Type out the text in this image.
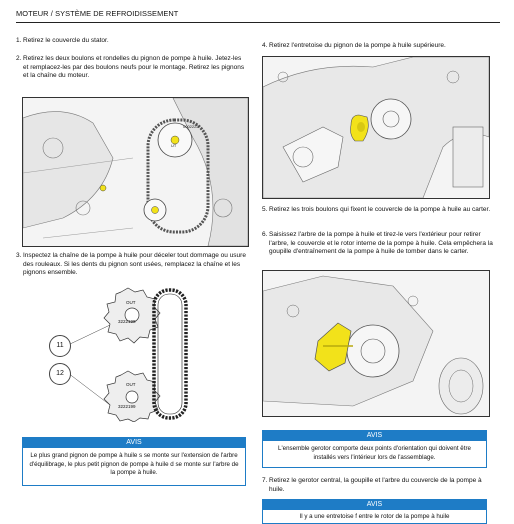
MOTEUR / SYSTÈME DE REFROIDISSEMENT
1. Retirez le couvercle du stator.
2. Retirez les deux boulons et rondelles du pignon de pompe à huile. Jetez-les et remplacez-les par des boulons neufs pour le montage. Retirez les pignons et la chaîne du moteur.
0002222
UT
3. Inspectez la chaîne de la pompe à huile pour déceler tout dommage ou usure des rouleaux. Si les dents du pignon sont usées, remplacez la chaîne et les pignons ensemble.
OUT
3222198
OUT
3222199
11
12
AVIS
Le plus grand pignon de pompe à huile s se monte sur l'extension de l'arbre d'équilibrage, le plus petit pignon de pompe à huile d se monte sur l'arbre de la pompe à huile.
4. Retirez l'entretoise du pignon de la pompe à huile supérieure.
5. Retirez les trois boulons qui fixent le couvercle de la pompe à huile au carter.
6. Saisissez l'arbre de la pompe à huile et tirez-le vers l'extérieur pour retirer l'arbre, le couvercle et le rotor interne de la pompe à huile. Cela empêchera la goupille d'entraînement de la pompe à huile de tomber dans le carter.
AVIS
L'ensemble gerotor comporte deux points d'orientation qui doivent être installés vers l'intérieur lors de l'assemblage.
7. Retirez le gerotor central, la goupille et l'arbre du couvercle de la pompe à huile.
AVIS
Il y a une entretoise f entre le rotor de la pompe à huile
